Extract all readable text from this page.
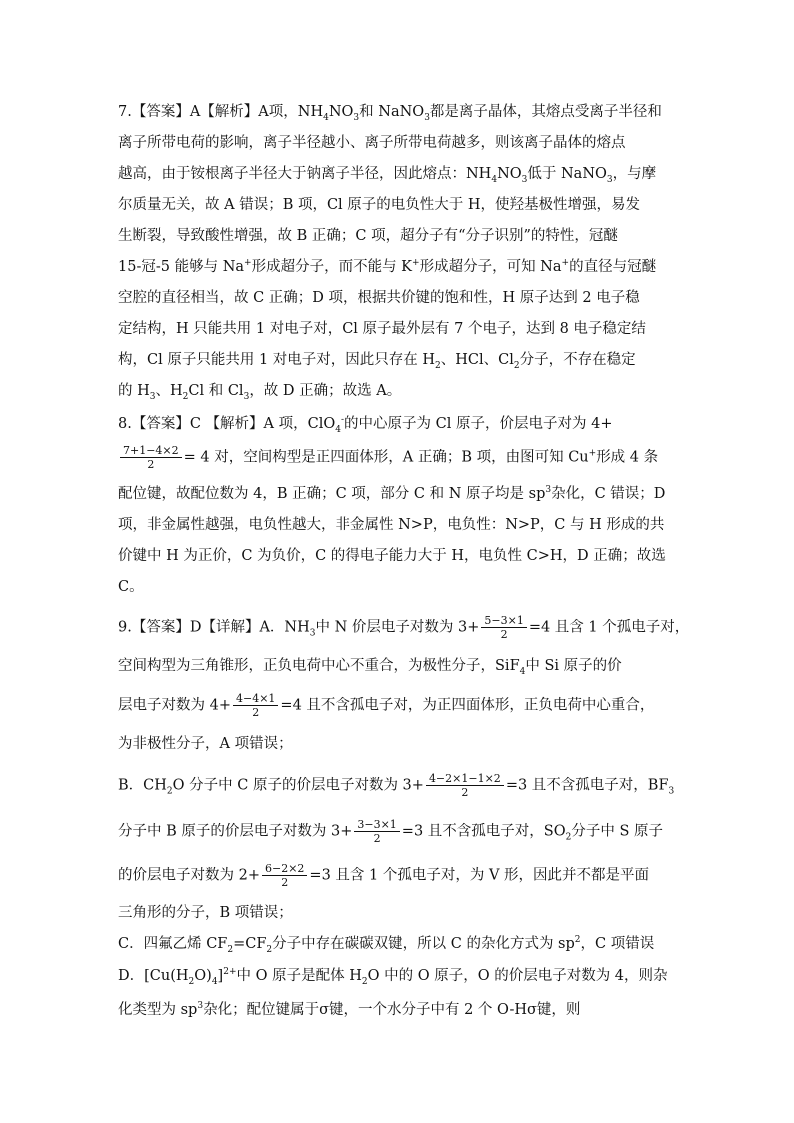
7.【答案】A【解析】A项，$NH_4NO_3$和 NaNO$_3$都是离子晶体，其熔点受离子半径和
离子所带电荷的影响，离子半径越小、离子所带电荷越多，则该离子晶体的熔点
越高，由于铵根离子半径大于钠离子半径，因此熔点：$NH_4NO_3$低于 NaNO$_3$，与摩
尔质量无关，故 A 错误；B 项，Cl 原子的电负性大于 H，使羟基极性增强，易发
生断裂，导致酸性增强，故 B 正确；C 项，超分子有“分子识别”的特性，冠醚
15-冠-5 能够与 Na+形成超分子，而不能与 K+形成超分子，可知 Na+的直径与冠醚
空腔的直径相当，故 C 正确；D 项，根据共价键的饱和性，H 原子达到 2 电子稳
定结构，H 只能共用 1 对电子对，Cl 原子最外层有 7 个电子，达到 8 电子稳定结
构，Cl 原子只能共用 1 对电子对，因此只存在 $H_2$、HCl、$Cl_2$分子，不存在稳定
的 $H_3$、$H_2Cl$ 和 $Cl_3$，故 D 正确；故选 A。
8.【答案】C 【解析】A 项，ClO$_4$-的中心原子为 Cl 原子，价层电子对为 4+
$\frac{7+1-4\times 2}{2} = 4$ 对，空间构型是正四面体形，A 正确；B 项，由图可知 Cu+形成 4 条
配位键，故配位数为 4，B 正确；C 项，部分 C 和 N 原子均是 $sp^3$杂化，C 错误；D
项，非金属性越强，电负性越大，非金属性 N>P，电负性：N>P，C 与 H 形成的共
价键中 H 为正价，C 为负价，C 的得电子能力大于 H，电负性 C>H，D 正确；故选
C。
9.【答案】D【详解】A．$NH_3$中 N 价层电子对数为 $3+ \frac{5-3\times 1}{2} =4$ 且含 1 个孤电子对，
空间构型为三角锥形，正负电荷中心不重合，为极性分子，SiF$_4$中 Si 原子的价
层电子对数为 $4+ \frac{4-4\times 1}{2} =4$ 且不含孤电子对，为正四面体形，正负电荷中心重合，
为非极性分子，A 项错误；
B．$CH_2O$ 分子中 C 原子的价层电子对数为 $3+ \frac{4-2\times 1-1\times 2}{2} =3$ 且不含孤电子对，$BF_3$
分子中 B 原子的价层电子对数为 $3+ \frac{3-3\times 1}{2} =3$ 且不含孤电子对，$SO_2$分子中 S 原子
的价层电子对数为 $2+ \frac{6-2\times 2}{2} =3$ 且含 1 个孤电子对，为 V 形，因此并不都是平面
三角形的分子，B 项错误；
C．四氟乙烯 $CF_2=CF_2$分子中存在碳碳双键，所以 C 的杂化方式为 $sp^2$，C 项错误
D．$[Cu(H_2O)_4]^{2+}$中 O 原子是配体 $H_2O$ 中的 O 原子，O 的价层电子对数为 4，则杂
化类型为 $sp^3$杂化；配位键属于σ键，一个水分子中有 2 个 O-Hσ键，则
